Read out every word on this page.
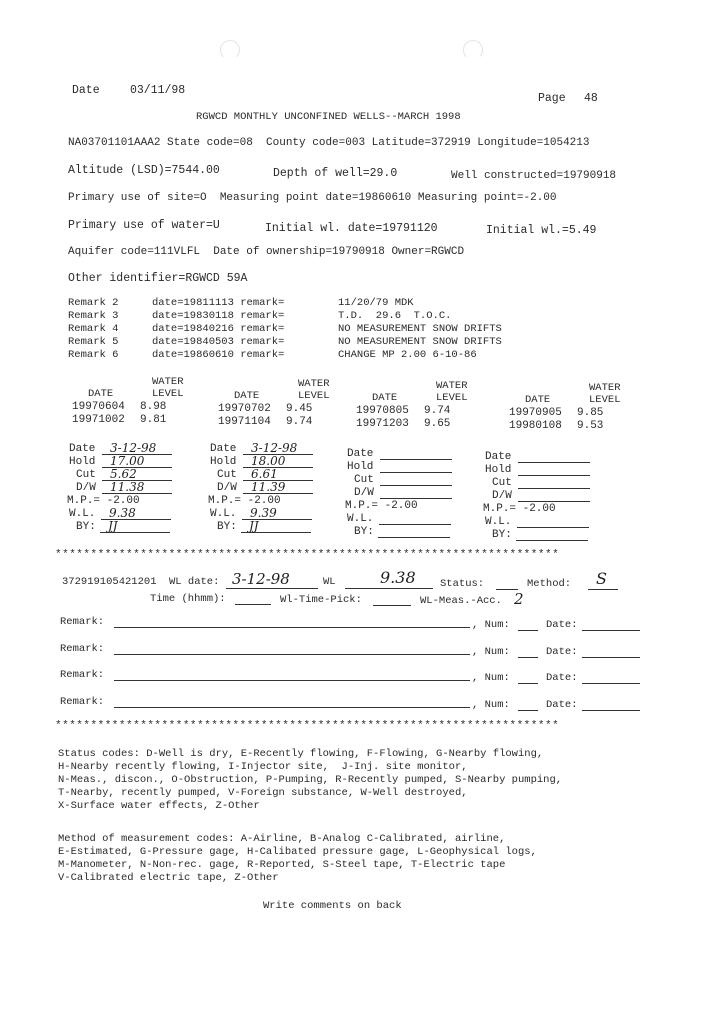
Date	03/11/98
Page 48
RGWCD MONTHLY UNCONFINED WELLS--MARCH 1998
NA03701101AAA2 State code=08  County code=003 Latitude=372919 Longitude=1054213
Altitude (LSD)=7544.00	Depth of well=29.0	Well constructed=19790918
Primary use of site=O  Measuring point date=19860610 Measuring point=-2.00
Primary use of water=U	Initial wl. date=19791120	Initial wl.=5.49
Aquifer code=111VLFL  Date of ownership=19790918 Owner=RGWCD
Other identifier=RGWCD 59A
Remark 2	date=19811113 remark=	11/20/79 MDK
Remark 3	date=19830118 remark=	T.D.  29.6  T.O.C.
Remark 4	date=19840216 remark=	NO MEASUREMENT SNOW DRIFTS
Remark 5	date=19840503 remark=	NO MEASUREMENT SNOW DRIFTS
Remark 6	date=19860610 remark=	CHANGE MP 2.00 6-10-86
WATER
DATE	LEVEL
19970604 8.98
19971002 9.81
WATER
DATE	LEVEL
19970702 9.45
19971104 9.74
WATER
DATE	LEVEL
19970805 9.74
19971203 9.65
WATER
DATE	LEVEL
19970905 9.85
19980108 9.53
Date 3-12-98
Hold 17.00
Cut 5.62
D/W 11.38
M.P.= -2.00
W.L. 9.38
BY: JJ
Date 3-12-98
Hold 18.00
Cut 6.61
D/W 11.39
M.P.= -2.00
W.L. 9.39
BY: JJ
Date
Hold
Cut
D/W
M.P.= -2.00
W.L.
BY:
Date
Hold
Cut
D/W
M.P.= -2.00
W.L.
BY:
***********************************************************************
372919105421201 WL date: 3-12-98	WL	9.38 Status:	Method: S
Time (hhmm):	Wl-Time-Pick:	WL-Meas.-Acc. 2
Remark:	, Num:	Date:
Remark:	, Num:	Date:
Remark:	, Num:	Date:
Remark:	, Num:	Date:
***********************************************************************
Status codes: D-Well is dry, E-Recently flowing, F-Flowing, G-Nearby flowing,
H-Nearby recently flowing, I-Injector site,  J-Inj. site monitor,
N-Meas., discon., O-Obstruction, P-Pumping, R-Recently pumped, S-Nearby pumping,
T-Nearby, recently pumped, V-Foreign substance, W-Well destroyed,
X-Surface water effects, Z-Other
Method of measurement codes: A-Airline, B-Analog C-Calibrated, airline,
E-Estimated, G-Pressure gage, H-Calibated pressure gage, L-Geophysical logs,
M-Manometer, N-Non-rec. gage, R-Reported, S-Steel tape, T-Electric tape
V-Calibrated electric tape, Z-Other
Write comments on back
